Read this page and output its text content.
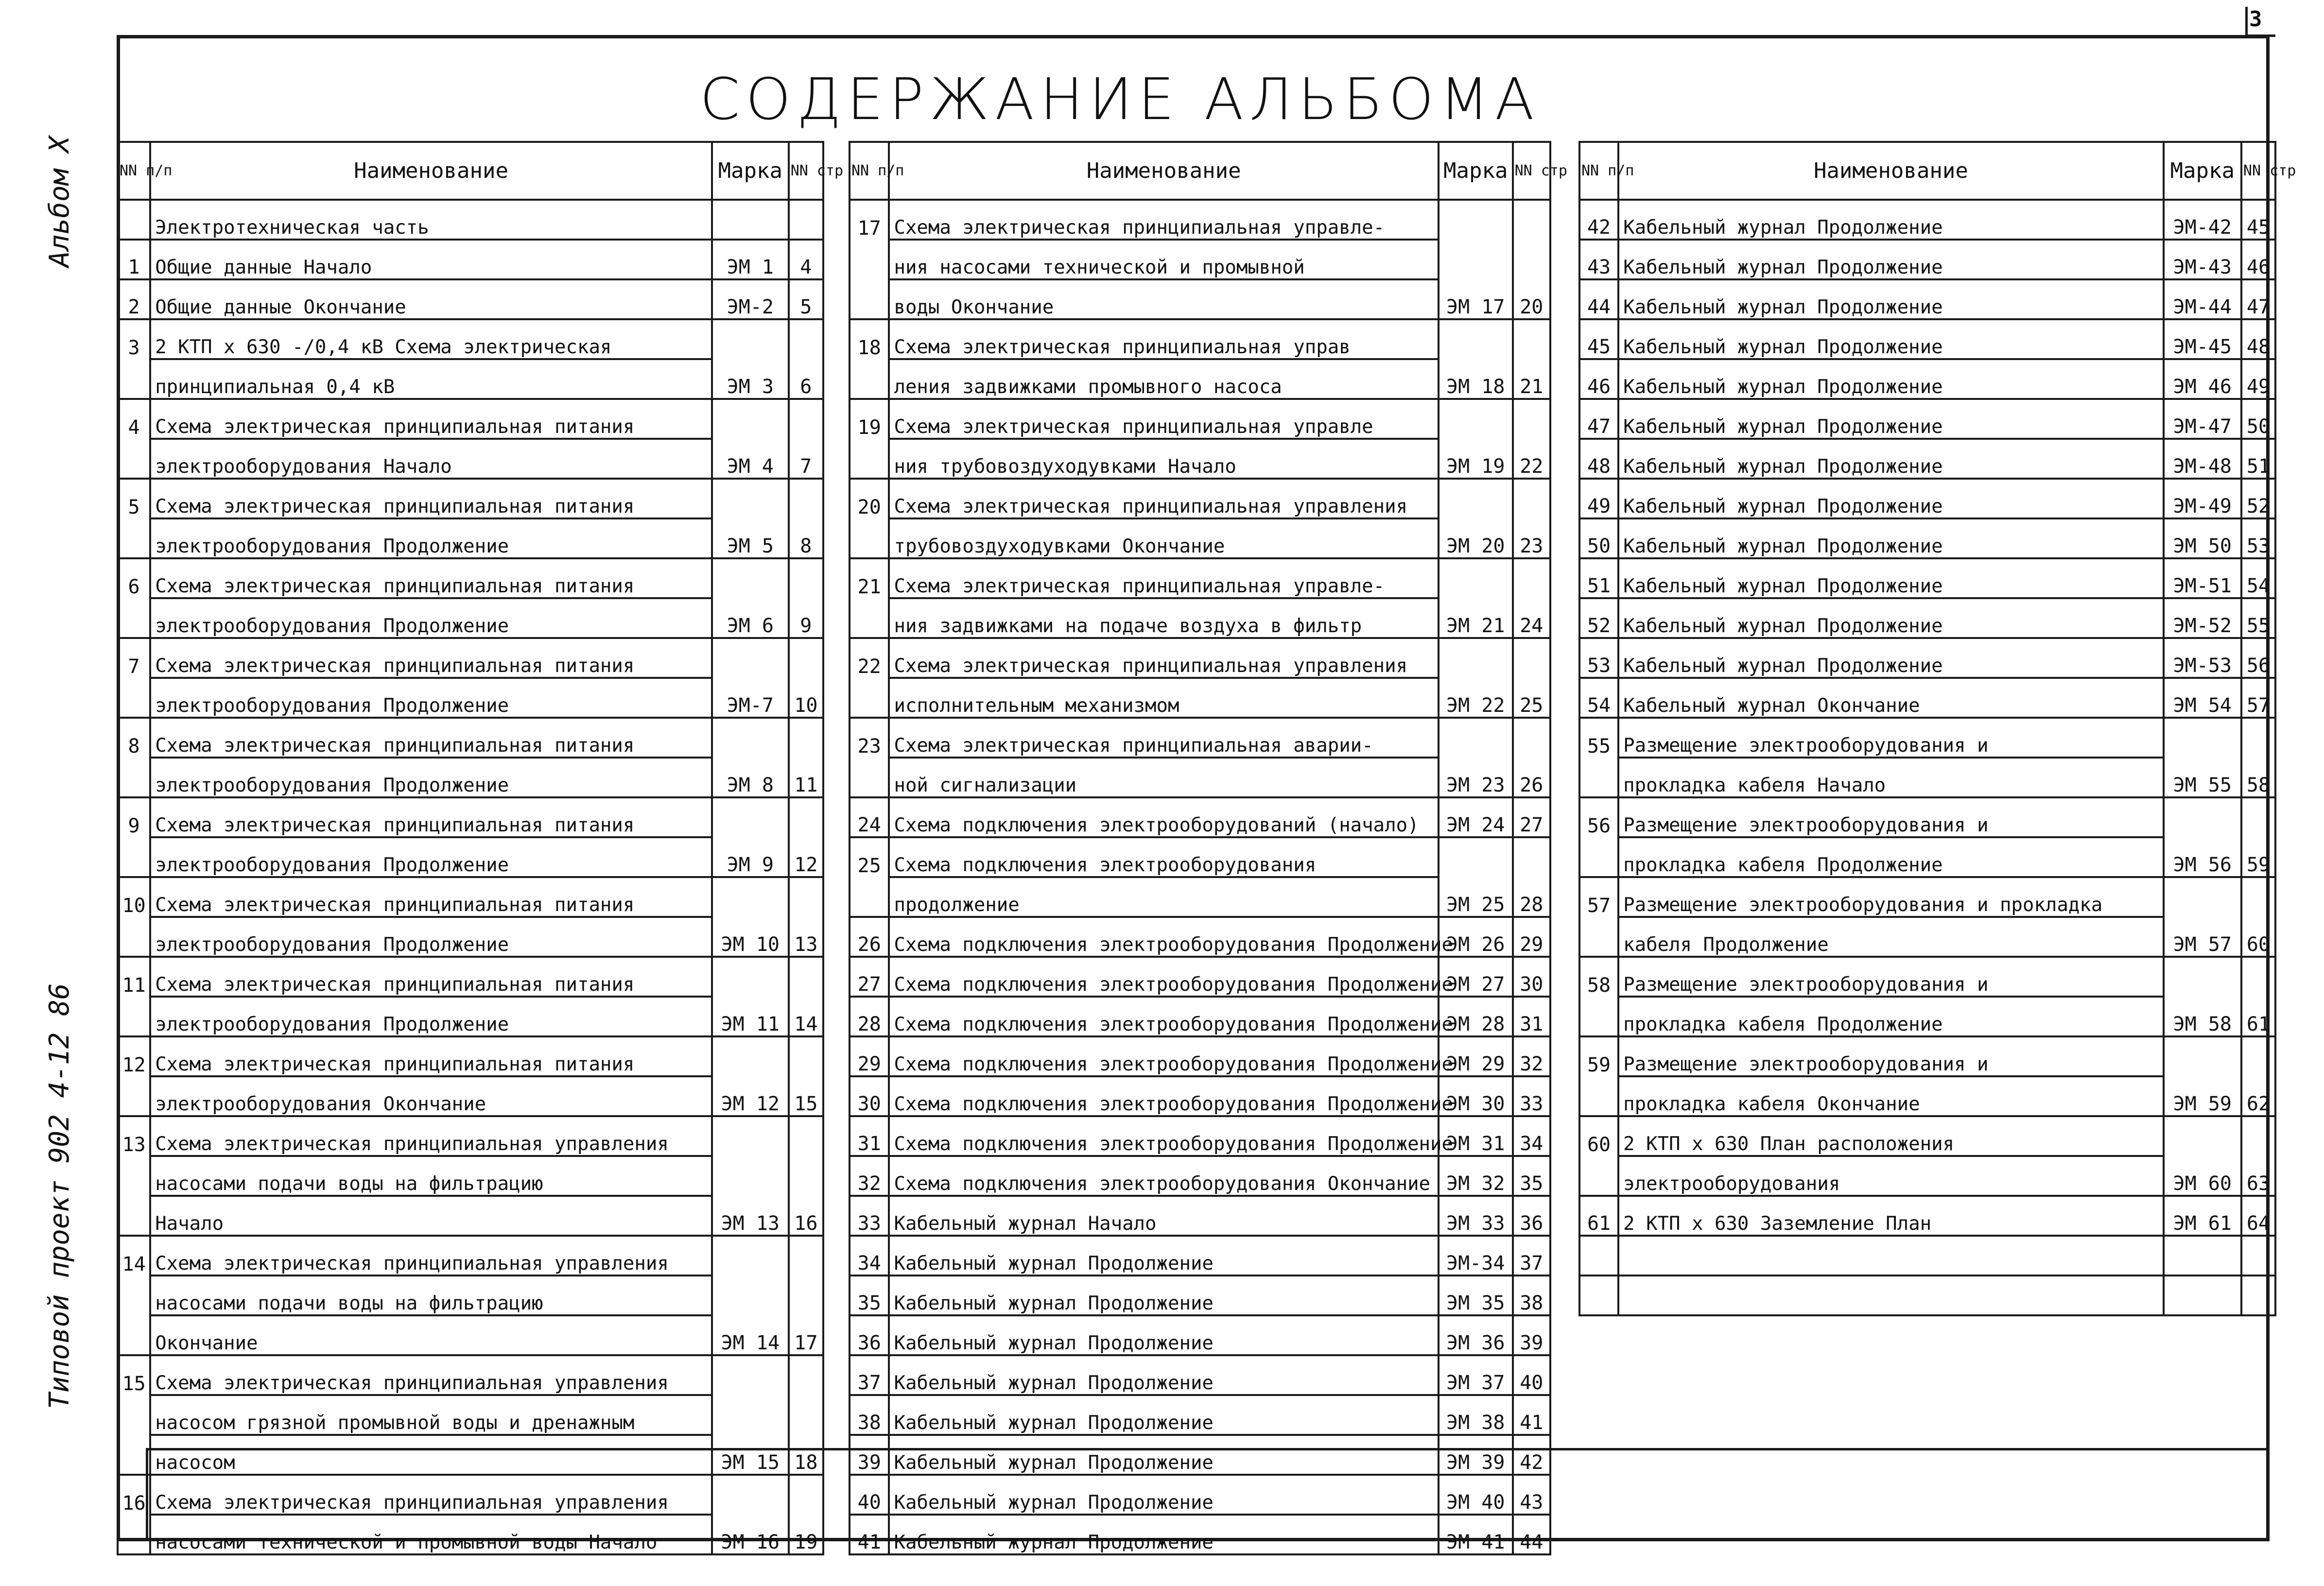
3
Типовой проект 902 4-12 86
Альбом X
СОДЕРЖАНИЕ АЛЬБОМА
NN п/п	Наименование	Марка	NN стр
	Электротехническая часть		
1	Общие данные Начало	ЭМ 1	4
2	Общие данные Окончание	ЭМ-2	5
3	2 КТП х 630 -/0,4 кВ Схема электрическая		
	принципиальная 0,4 кВ	ЭМ 3	6
4	Схема электрическая принципиальная питания		
	электрооборудования Начало	ЭМ 4	7
5	Схема электрическая принципиальная питания		
	электрооборудования Продолжение	ЭМ 5	8
6	Схема электрическая принципиальная питания		
	электрооборудования Продолжение	ЭМ 6	9
7	Схема электрическая принципиальная питания		
	электрооборудования Продолжение	ЭМ-7	10
8	Схема электрическая принципиальная питания		
	электрооборудования Продолжение	ЭМ 8	11
9	Схема электрическая принципиальная питания		
	электрооборудования Продолжение	ЭМ 9	12
10	Схема электрическая принципиальная питания		
	электрооборудования Продолжение	ЭМ 10	13
11	Схема электрическая принципиальная питания		
	электрооборудования Продолжение	ЭМ 11	14
12	Схема электрическая принципиальная питания		
	электрооборудования Окончание	ЭМ 12	15
13	Схема электрическая принципиальная управления		
	насосами подачи воды на фильтрацию		
	Начало	ЭМ 13	16
14	Схема электрическая принципиальная управления		
	насосами подачи воды на фильтрацию		
	Окончание	ЭМ 14	17
15	Схема электрическая принципиальная управления		
	насосом грязной промывной воды и дренажным		
	насосом	ЭМ 15	18
16	Схема электрическая принципиальная управления		
	насосами технической и промывной воды Начало	ЭМ 16	19
NN п/п	Наименование	Марка	NN стр
17	Схема электрическая принципиальная управле-		
	ния насосами технической и промывной		
	воды Окончание	ЭМ 17	20
18	Схема электрическая принципиальная управ		
	ления задвижками промывного насоса	ЭМ 18	21
19	Схема электрическая принципиальная управле		
	ния трубовоздуходувками Начало	ЭМ 19	22
20	Схема электрическая принципиальная управления		
	трубовоздуходувками Окончание	ЭМ 20	23
21	Схема электрическая принципиальная управле-		
	ния задвижками на подаче воздуха в фильтр	ЭМ 21	24
22	Схема электрическая принципиальная управления		
	исполнительным механизмом	ЭМ 22	25
23	Схема электрическая принципиальная аварии-		
	ной сигнализации	ЭМ 23	26
24	Схема подключения электрооборудований (начало)	ЭМ 24	27
25	Схема подключения электрооборудования		
	продолжение	ЭМ 25	28
26	Схема подключения электрооборудования Продолжение	ЭМ 26	29
27	Схема подключения электрооборудования Продолжение	ЭМ 27	30
28	Схема подключения электрооборудования Продолжение	ЭМ 28	31
29	Схема подключения электрооборудования Продолжение	ЭМ 29	32
30	Схема подключения электрооборудования Продолжение	ЭМ 30	33
31	Схема подключения электрооборудования Продолжение	ЭМ 31	34
32	Схема подключения электрооборудования Окончание	ЭМ 32	35
33	Кабельный журнал Начало	ЭМ 33	36
34	Кабельный журнал Продолжение	ЭМ-34	37
35	Кабельный журнал Продолжение	ЭМ 35	38
36	Кабельный журнал Продолжение	ЭМ 36	39
37	Кабельный журнал Продолжение	ЭМ 37	40
38	Кабельный журнал Продолжение	ЭМ 38	41
39	Кабельный журнал Продолжение	ЭМ 39	42
40	Кабельный журнал Продолжение	ЭМ 40	43
41	Кабельный журнал Продолжение	ЭМ 41	44
NN п/п	Наименование	Марка	NN стр
42	Кабельный журнал Продолжение	ЭМ-42	45
43	Кабельный журнал Продолжение	ЭМ-43	46
44	Кабельный журнал Продолжение	ЭМ-44	47
45	Кабельный журнал Продолжение	ЭМ-45	48
46	Кабельный журнал Продолжение	ЭМ 46	49
47	Кабельный журнал Продолжение	ЭМ-47	50
48	Кабельный журнал Продолжение	ЭМ-48	51
49	Кабельный журнал Продолжение	ЭМ-49	52
50	Кабельный журнал Продолжение	ЭМ 50	53
51	Кабельный журнал Продолжение	ЭМ-51	54
52	Кабельный журнал Продолжение	ЭМ-52	55
53	Кабельный журнал Продолжение	ЭМ-53	56
54	Кабельный журнал Окончание	ЭМ 54	57
55	Размещение электрооборудования и		
	прокладка кабеля Начало	ЭМ 55	58
56	Размещение электрооборудования и		
	прокладка кабеля Продолжение	ЭМ 56	59
57	Размещение электрооборудования и прокладка		
	кабеля Продолжение	ЭМ 57	60
58	Размещение электрооборудования и		
	прокладка кабеля Продолжение	ЭМ 58	61
59	Размещение электрооборудования и		
	прокладка кабеля Окончание	ЭМ 59	62
60	2 КТП х 630 План расположения		
	электрооборудования	ЭМ 60	63
61	2 КТП х 630 Заземление План	ЭМ 61	64
